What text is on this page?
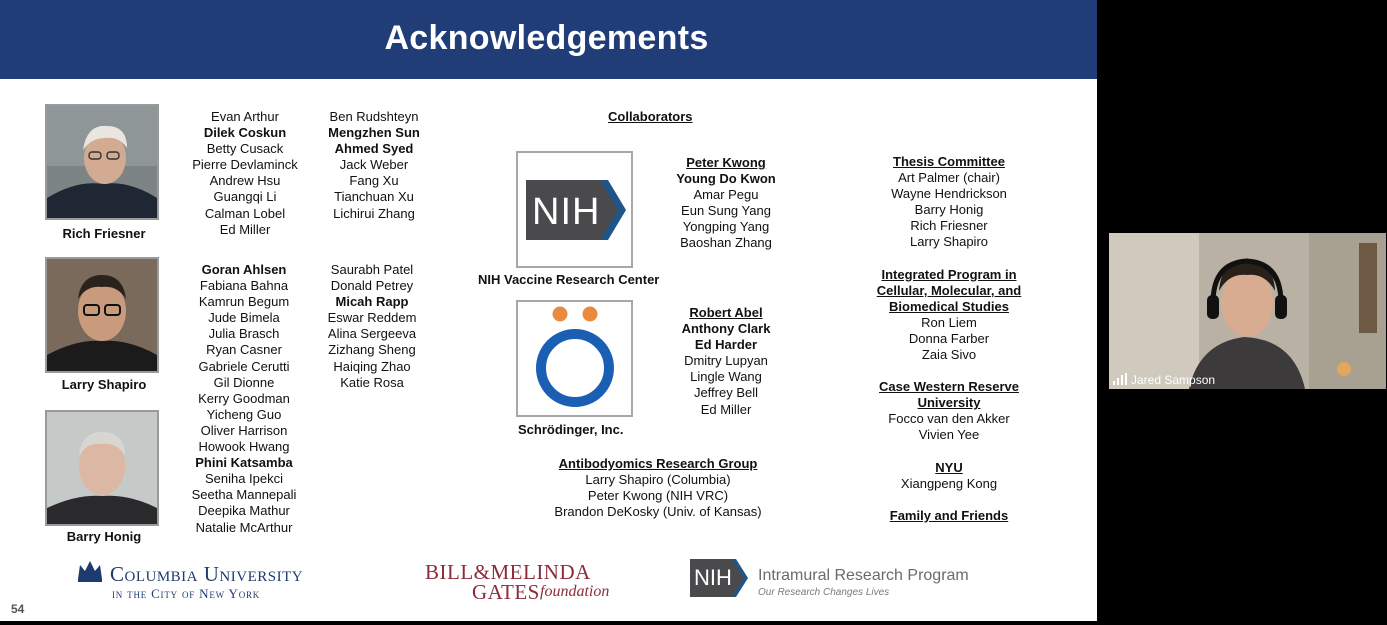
Acknowledgements
Rich Friesner
Larry Shapiro
Barry Honig
Evan Arthur
Dilek Coskun
Betty Cusack
Pierre Devlaminck
Andrew Hsu
Guangqi Li
Calman Lobel
Ed Miller
Ben Rudshteyn
Mengzhen Sun
Ahmed Syed
Jack Weber
Fang Xu
Tianchuan Xu
Lichirui Zhang
Goran Ahlsen
Fabiana Bahna
Kamrun Begum
Jude Bimela
Julia Brasch
Ryan Casner
Gabriele Cerutti
Gil Dionne
Kerry Goodman
Yicheng Guo
Oliver Harrison
Howook Hwang
Phini Katsamba
Seniha Ipekci
Seetha Mannepali
Deepika Mathur
Natalie McArthur
Saurabh Patel
Donald Petrey
Micah Rapp
Eswar Reddem
Alina Sergeeva
Zizhang Sheng
Haiqing Zhao
Katie Rosa
Collaborators
NIH
NIH Vaccine Research Center
Schrödinger, Inc.
Peter Kwong
Young Do Kwon
Amar Pegu
Eun Sung Yang
Yongping Yang
Baoshan Zhang
Robert Abel
Anthony Clark
Ed Harder
Dmitry Lupyan
Lingle Wang
Jeffrey Bell
Ed Miller
Antibodyomics Research Group
Larry Shapiro (Columbia)
Peter Kwong (NIH VRC)
Brandon DeKosky (Univ. of Kansas)
Thesis Committee
Art Palmer (chair)
Wayne Hendrickson
Barry Honig
Rich Friesner
Larry Shapiro
Integrated Program in
Cellular, Molecular, and
Biomedical Studies
Ron Liem
Donna Farber
Zaia Sivo
Case Western Reserve
University
Focco van den Akker
Vivien Yee
NYU
Xiangpeng Kong
Family and Friends
Columbia University
in the City of New York
BILL&MELINDA
GATES foundation
NIH Intramural Research Program
Our Research Changes Lives
54
Jared Sampson
